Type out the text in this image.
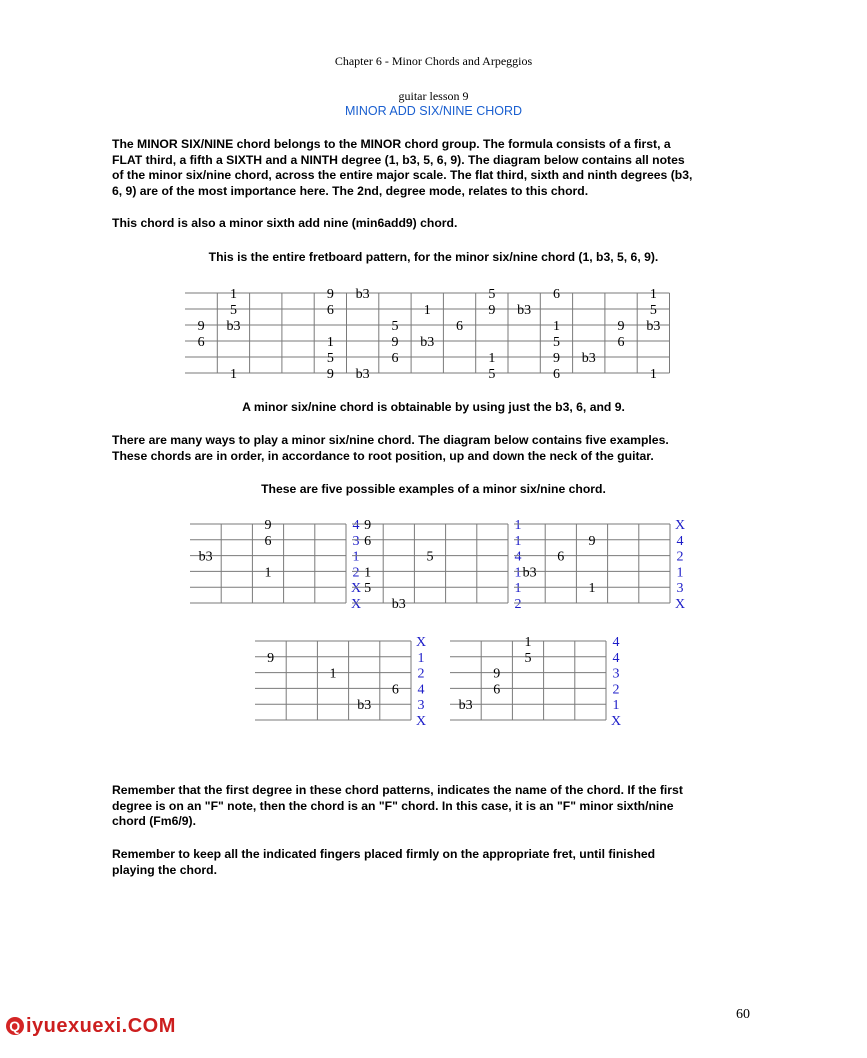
Chapter 6 - Minor Chords and Arpeggios
guitar lesson 9
MINOR ADD SIX/NINE CHORD
The MINOR SIX/NINE chord belongs to the MINOR chord group. The formula consists of a first, a
FLAT third, a fifth a SIXTH and a NINTH degree (1, b3, 5, 6, 9). The diagram below contains all notes
of the minor six/nine chord, across the entire major scale. The flat third, sixth and ninth degrees (b3,
6, 9) are of the most importance here. The 2nd, degree mode, relates to this chord.
This chord is also a minor sixth add nine (min6add9) chord.
This is the entire fretboard pattern, for the minor six/nine chord (1, b3, 5, 6, 9).
1	9 b3	5	6	1
5	6	1	9 b3	5
9 b3	5	6	1	9 b3
6	1	9 b3	5	6
5	6	1	9 b3
1	9 b3	5	6	1
A minor six/nine chord is obtainable by using just the b3, 6, and 9.
There are many ways to play a minor six/nine chord. The diagram below contains five examples.
These chords are in order, in accordance to root position, up and down the neck of the guitar.
These are five possible examples of a minor six/nine chord.
9
6
b3
1
4
3
1
2
X
X
9
6
5
1
5
b3
1
1
4
1
1
2
9
6
b3
1
X
4
2
1
3
X
9
1
6
b3
X
1
2
4
3
X
1
5
9
6
b3
4
4
3
2
1
X
Remember that the first degree in these chord patterns, indicates the name of the chord. If the first
degree is on an "F" note, then the chord is an "F" chord. In this case, it is an "F" minor sixth/nine
chord (Fm6/9).
Remember to keep all the indicated fingers placed firmly on the appropriate fret, until finished
playing the chord.
60
Q iyuexuexi.COM
